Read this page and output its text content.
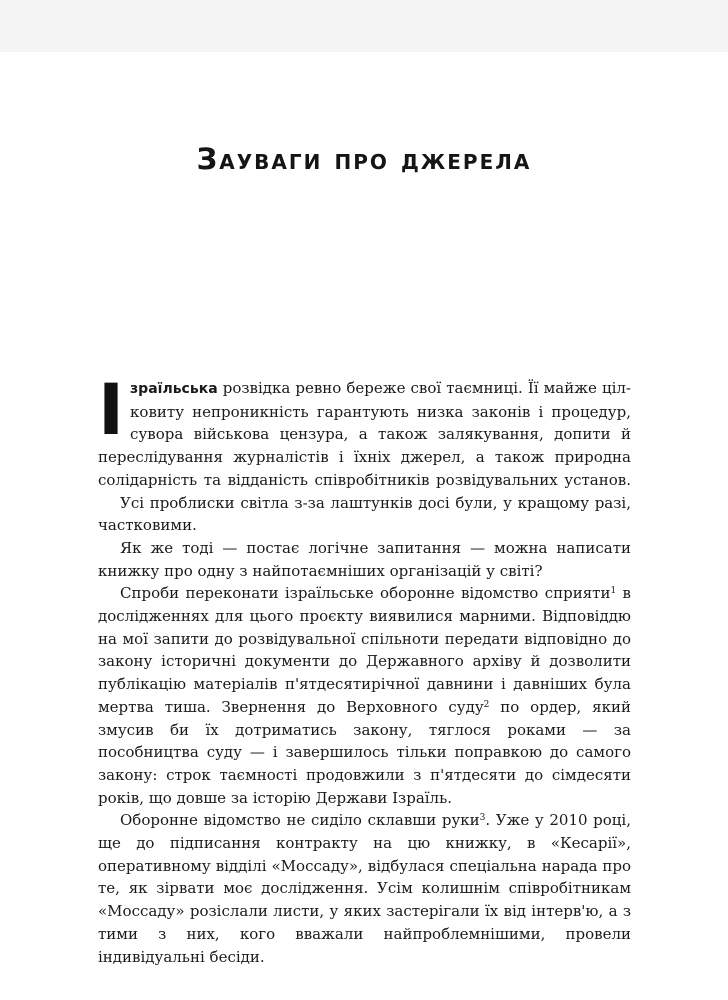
Зауваги про джерела

І зраїльська розвідка ревно береже свої таємниці. Її майже ціл- ковиту непроникність гарантують низка законів і процедур, сувора військова цензура, а також залякування, допити й переслідування журналістів і їхніх джерел, а також природна солідарність та відданість співробітників розвідувальних установ.

Усі проблиски світла з-за лаштунків досі були, у кращому разі, частковими.

Як же тоді — постає логічне запитання — можна написати книжку про одну з найпотаємніших організацій у світі?

Спроби переконати ізраїльське оборонне відомство сприяти$^1$ в дослідженнях для цього проєкту виявилися марними. Відповіддю на мої запити до розвідувальної спільноти передати відповідно до закону історичні документи до Державного архіву й дозволити публікацію матеріалів п'ятдесятирічної давнини і давніших була мертва тиша. Звернення до Верховного суду$^2$ по ордер, який змусив би їх дотриматись закону, тяглося роками — за пособництва суду — і завершилось тільки поправкою до самого закону: строк таємності продовжили з п'ятдесяти до сімдесяти років, що довше за історію Держави Ізраїль.

Оборонне відомство не сиділо склавши руки$^3$. Уже у 2010 році, ще до підписання контракту на цю книжку, в «Кесарії», оперативному відділі «Моссаду», відбулася спеціальна нарада про те, як зірвати моє дослідження. Усім колишнім співробітникам «Моссаду» розіслали листи, у яких застерігали їх від інтерв'ю, а з тими з них, кого вважали найпроблемнішими, провели індивідуальні бесіди.
